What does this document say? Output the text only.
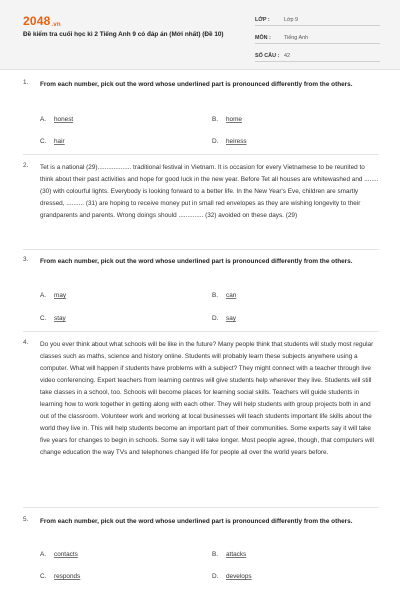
2048.vn
Đề kiểm tra cuối học kì 2 Tiếng Anh 9 có đáp án (Mới nhất) (Đề 10)
LỚP :	Lớp 9
MÔN :	Tiếng Anh
SỐ CÂU : 42
1. From each number, pick out the word whose underlined part is pronounced differently from the others.
A. honest	B. home
C. hair	D. heiress
2. Tet is a national (29)................... traditional festival in Vietnam. It is occasion for every Vietnamese to be reunited to think about their past activities and hope for good luck in the new year. Before Tet all houses are whitewashed and ........ (30) with colourful lights. Everybody is looking forward to a better life. In the New Year's Eve, children are smartly dressed, .......... (31) are hoping to receive money put in small red envelopes as they are wishing longevity to their grandparents and parents. Wrong doings should .............. (32) avoided on these days. (29)
3. From each number, pick out the word whose underlined part is pronounced differently from the others.
A. may	B. can
C. stay	D. say
4. Do you ever think about what schools will be like in the future? Many people think that students will study most regular classes such as maths, science and history online. Students will probably learn these subjects anywhere using a computer. What will happen if students have problems with a subject? They might connect with a teacher through live video conferencing. Expert teachers from learning centres will give students help wherever they live. Students will still take classes in a school, too. Schools will become places for learning social skills. Teachers will guide students in learning how to work together in getting along with each other. They will help students with group projects both in and out of the classroom. Volunteer work and working at local businesses will teach students important life skills about the world they live in. This will help students become an important part of their communities. Some experts say it will take five years for changes to begin in schools. Some say it will take longer. Most people agree, though, that computers will change education the way TVs and telephones changed life for people all over the world years before.
5. From each number, pick out the word whose underlined part is pronounced differently from the others.
A. contacts	B. attacks
C. responds	D. develops
